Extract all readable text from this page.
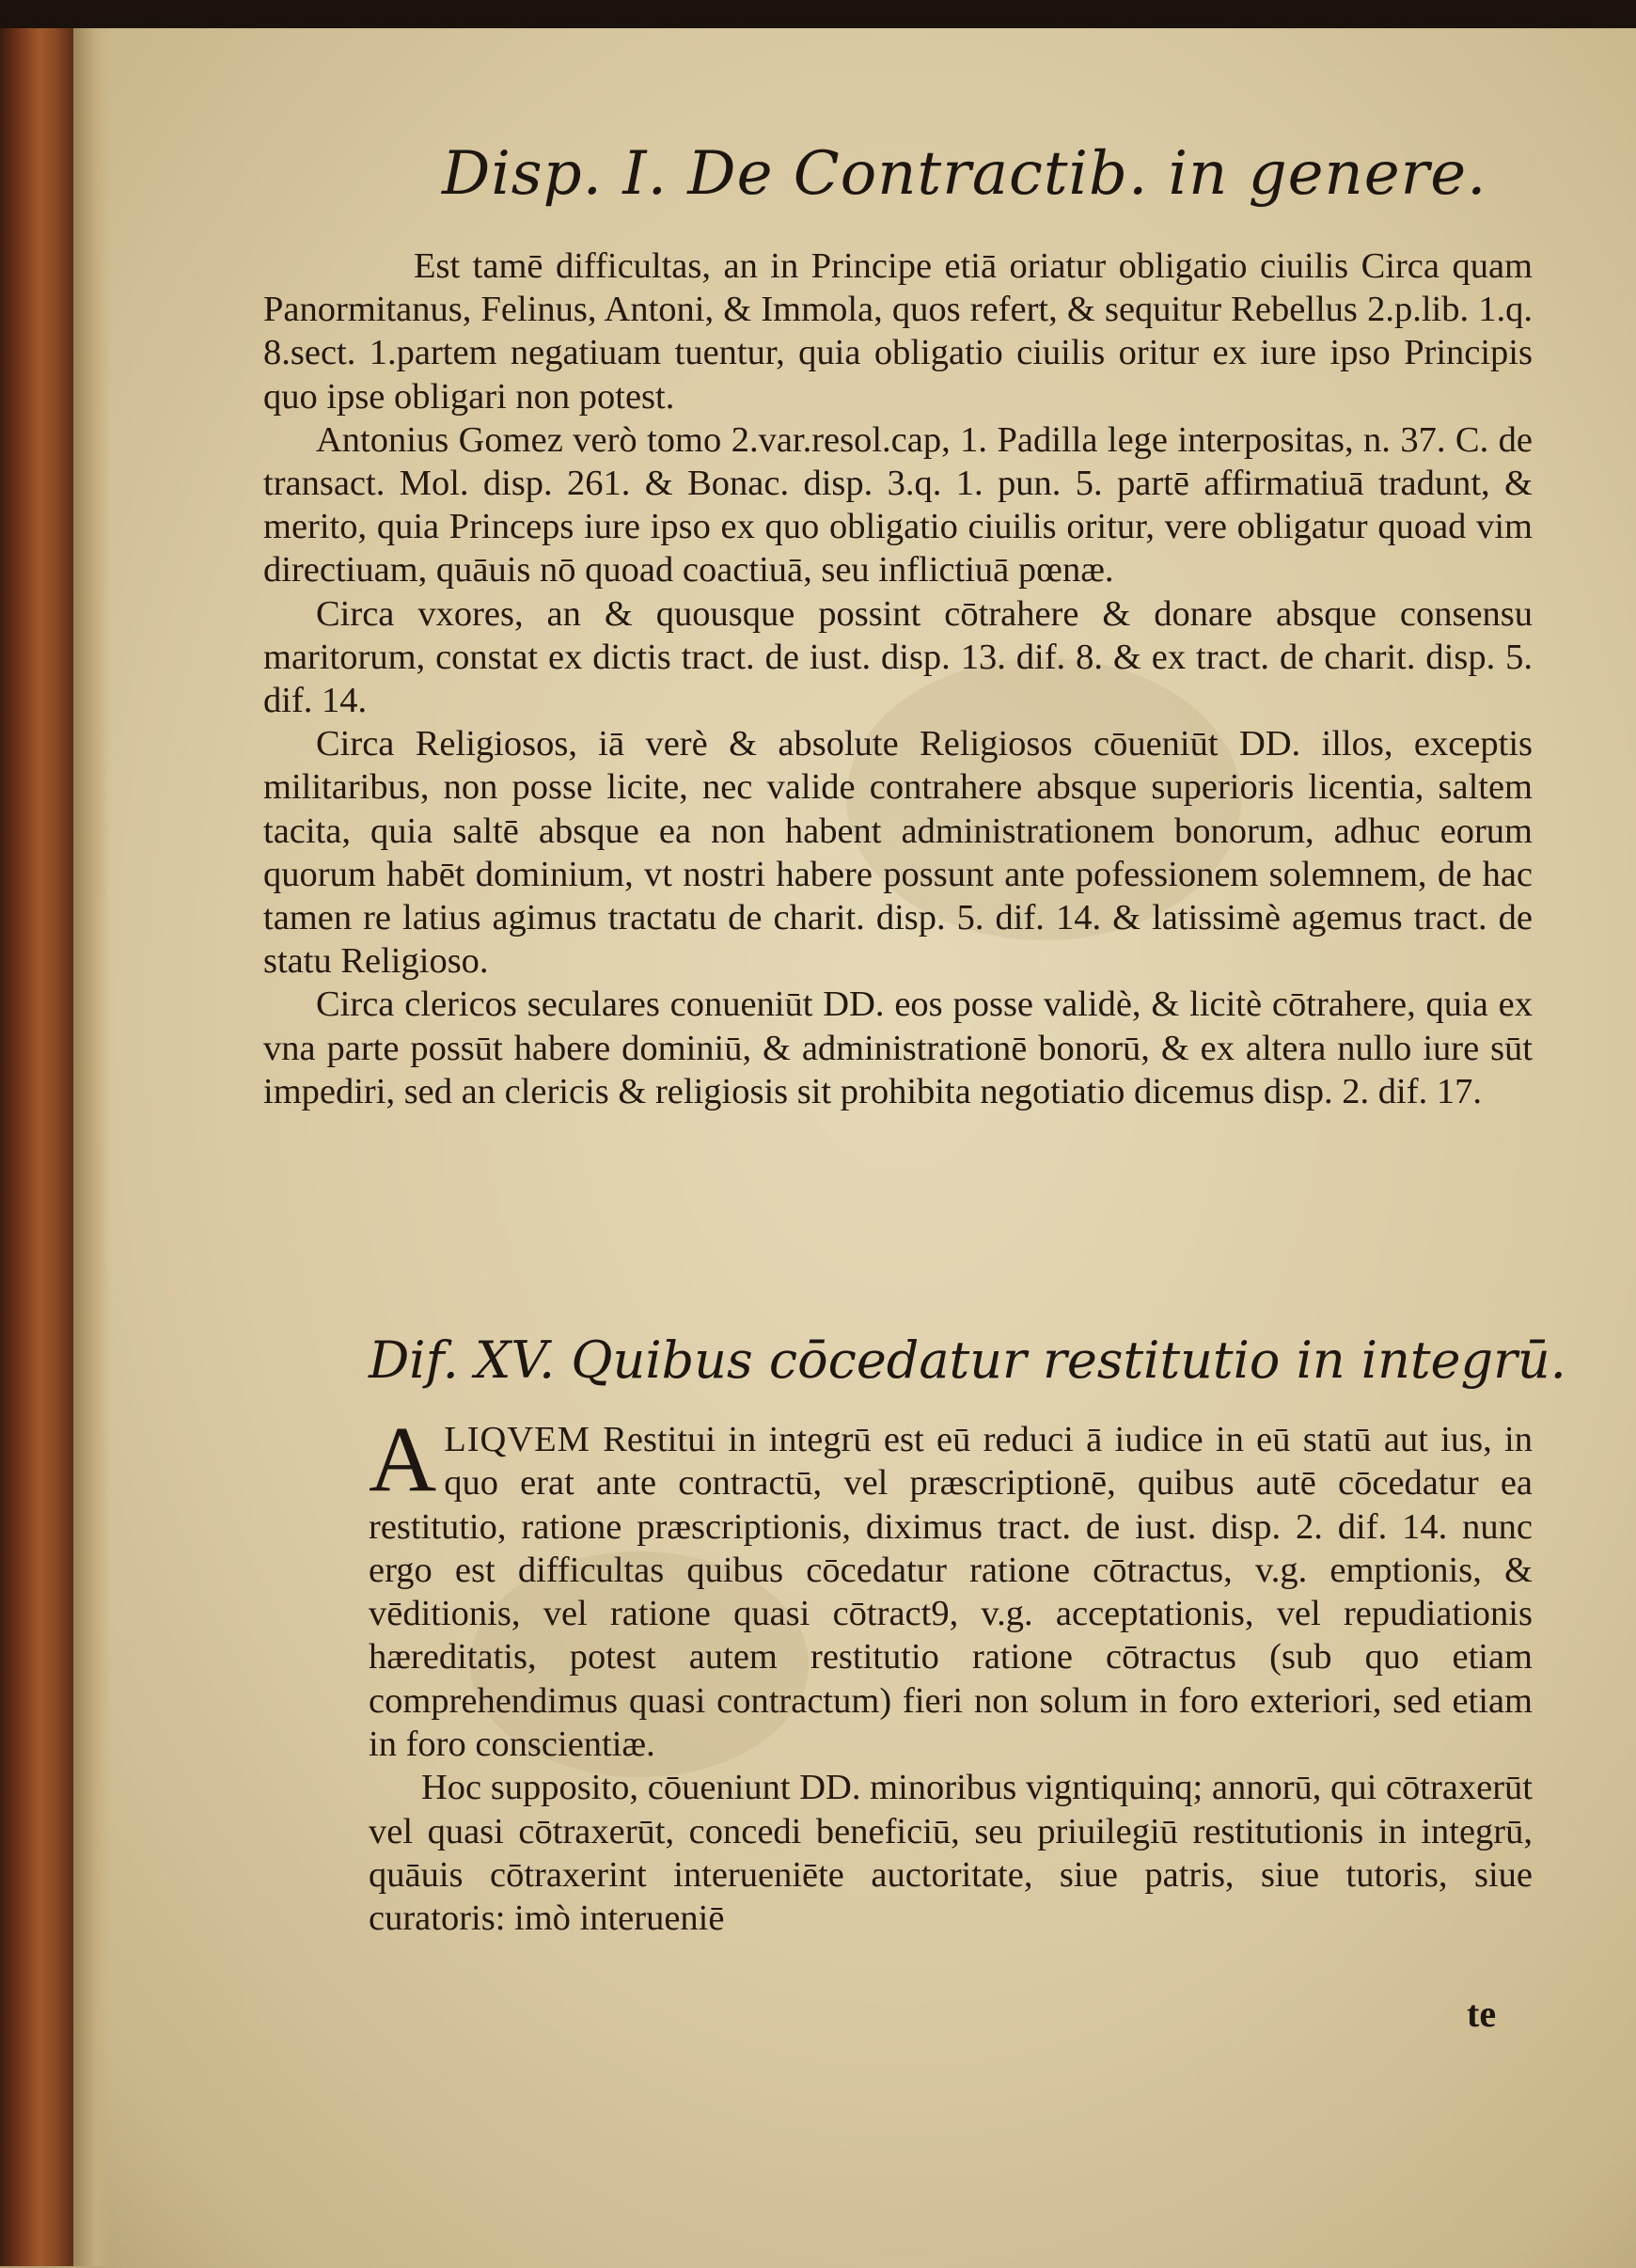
Disp. I. De Contractib. in genere.

Est tamē difficultas, an in Principe etiā oriatur obligatio ciuilis Circa quam Panormitanus, Felinus, Antoni, & Immola, quos refert, & sequitur Rebellus 2.p.lib. 1.q. 8.sect. 1.partem negatiuam tuentur, quia obligatio ciuilis oritur ex iure ipso Principis quo ipse obligari non potest.

Antonius Gomez verò tomo 2.var.resol.cap, 1. Padilla lege interpositas, n. 37. C. de transact. Mol. disp. 261. & Bonac. disp. 3.q. 1. pun. 5. partē affirmatiuā tradunt, & merito, quia Princeps iure ipso ex quo obligatio ciuilis oritur, vere obligatur quoad vim directiuam, quāuis nō quoad coactiuā, seu inflictiuā pœnæ.

Circa vxores, an & quousque possint cōtrahere & donare absque consensu maritorum, constat ex dictis tract. de iust. disp. 13. dif. 8. & ex tract. de charit. disp. 5. dif. 14.

Circa Religiosos, iā verè & absolute Religiosos cōueniūt DD. illos, exceptis militaribus, non posse licite, nec valide contrahere absque superioris licentia, saltem tacita, quia saltē absque ea non habent administrationem bonorum, adhuc eorum quorum habēt dominium, vt nostri habere possunt ante pofessionem solemnem, de hac tamen re latius agimus tractatu de charit. disp. 5. dif. 14. & latissimè agemus tract. de statu Religioso.

Circa clericos seculares conueniūt DD. eos posse validè, & licitè cōtrahere, quia ex vna parte possūt habere dominiū, & administrationē bonorū, & ex altera nullo iure sūt impediri, sed an clericis & religiosis sit prohibita negotiatio dicemus disp. 2. dif. 17.

Dif. XV. Quibus cōcedatur restitutio in integrū.

ALIQVEM Restitui in integrū est eū reduci ā iudice in eū statū aut ius, in quo erat ante contractū, vel præscriptionē, quibus autē cōcedatur ea restitutio, ratione præscriptionis, diximus tract. de iust. disp. 2. dif. 14. nunc ergo est difficultas quibus cōcedatur ratione cōtractus, v.g. emptionis, & vēditionis, vel ratione quasi cōtract9, v.g. acceptationis, vel repudiationis hæreditatis, potest autem restitutio ratione cōtractus (sub quo etiam comprehendimus quasi contractum) fieri non solum in foro exteriori, sed etiam in foro conscientiæ.

Hoc supposito, cōueniunt DD. minoribus vigntiquinq; annorū, qui cōtraxerūt vel quasi cōtraxerūt, concedi beneficiū, seu priuilegiū restitutionis in integrū, quāuis cōtraxerint interueniēte auctoritate, siue patris, siue tutoris, siue curatoris: imò interueniē

te
